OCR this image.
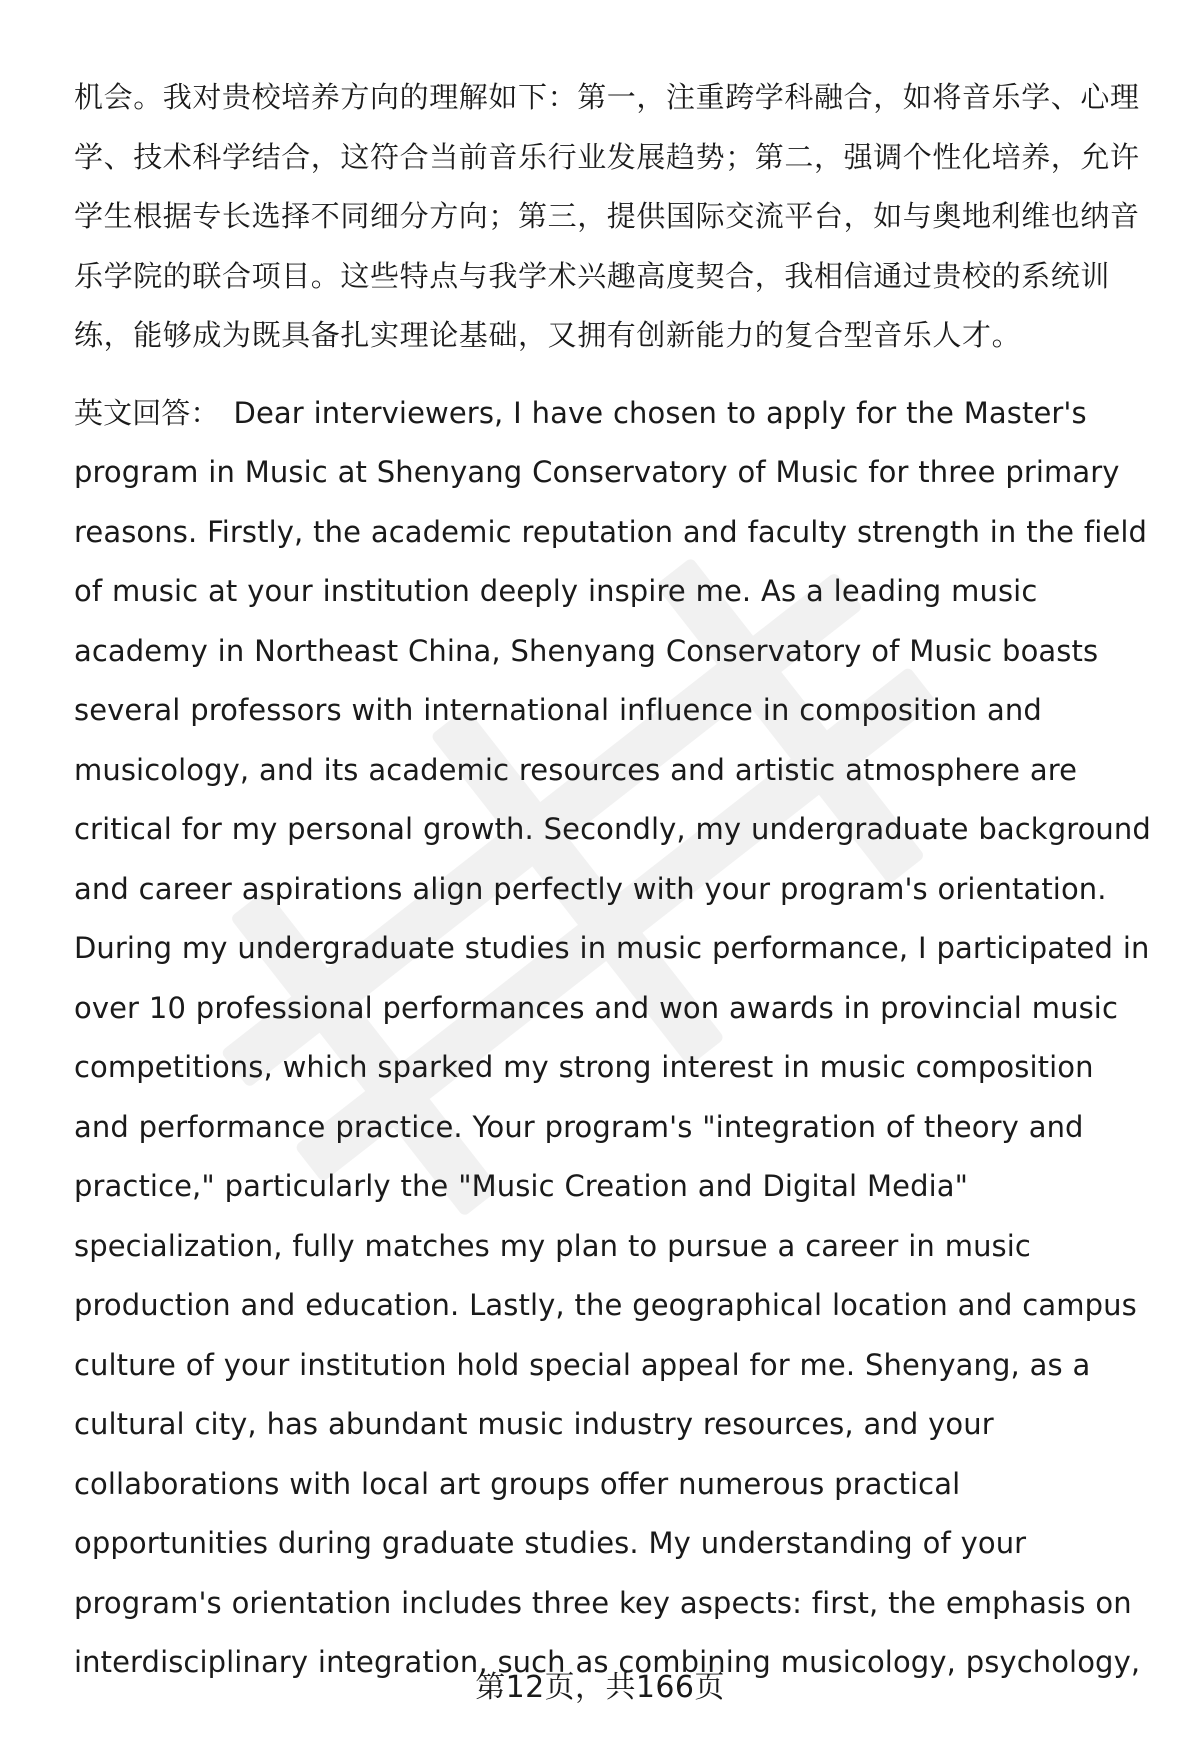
机会。我对贵校培养方向的理解如下：第一，注重跨学科融合，如将音乐学、心理学、技术科学结合，这符合当前音乐行业发展趋势；第二，强调个性化培养，允许学生根据专长选择不同细分方向；第三，提供国际交流平台，如与奥地利维也纳音乐学院的联合项目。这些特点与我学术兴趣高度契合，我相信通过贵校的系统训练，能够成为既具备扎实理论基础，又拥有创新能力的复合型音乐人才。

英文回答： Dear interviewers, I have chosen to apply for the Master's program in Music at Shenyang Conservatory of Music for three primary reasons. Firstly, the academic reputation and faculty strength in the field of music at your institution deeply inspire me. As a leading music academy in Northeast China, Shenyang Conservatory of Music boasts several professors with international influence in composition and musicology, and its academic resources and artistic atmosphere are critical for my personal growth. Secondly, my undergraduate background and career aspirations align perfectly with your program's orientation. During my undergraduate studies in music performance, I participated in over 10 professional performances and won awards in provincial music competitions, which sparked my strong interest in music composition and performance practice. Your program's "integration of theory and practice," particularly the "Music Creation and Digital Media" specialization, fully matches my plan to pursue a career in music production and education. Lastly, the geographical location and campus culture of your institution hold special appeal for me. Shenyang, as a cultural city, has abundant music industry resources, and your collaborations with local art groups offer numerous practical opportunities during graduate studies. My understanding of your program's orientation includes three key aspects: first, the emphasis on interdisciplinary integration, such as combining musicology, psychology,

第12页，共166页
